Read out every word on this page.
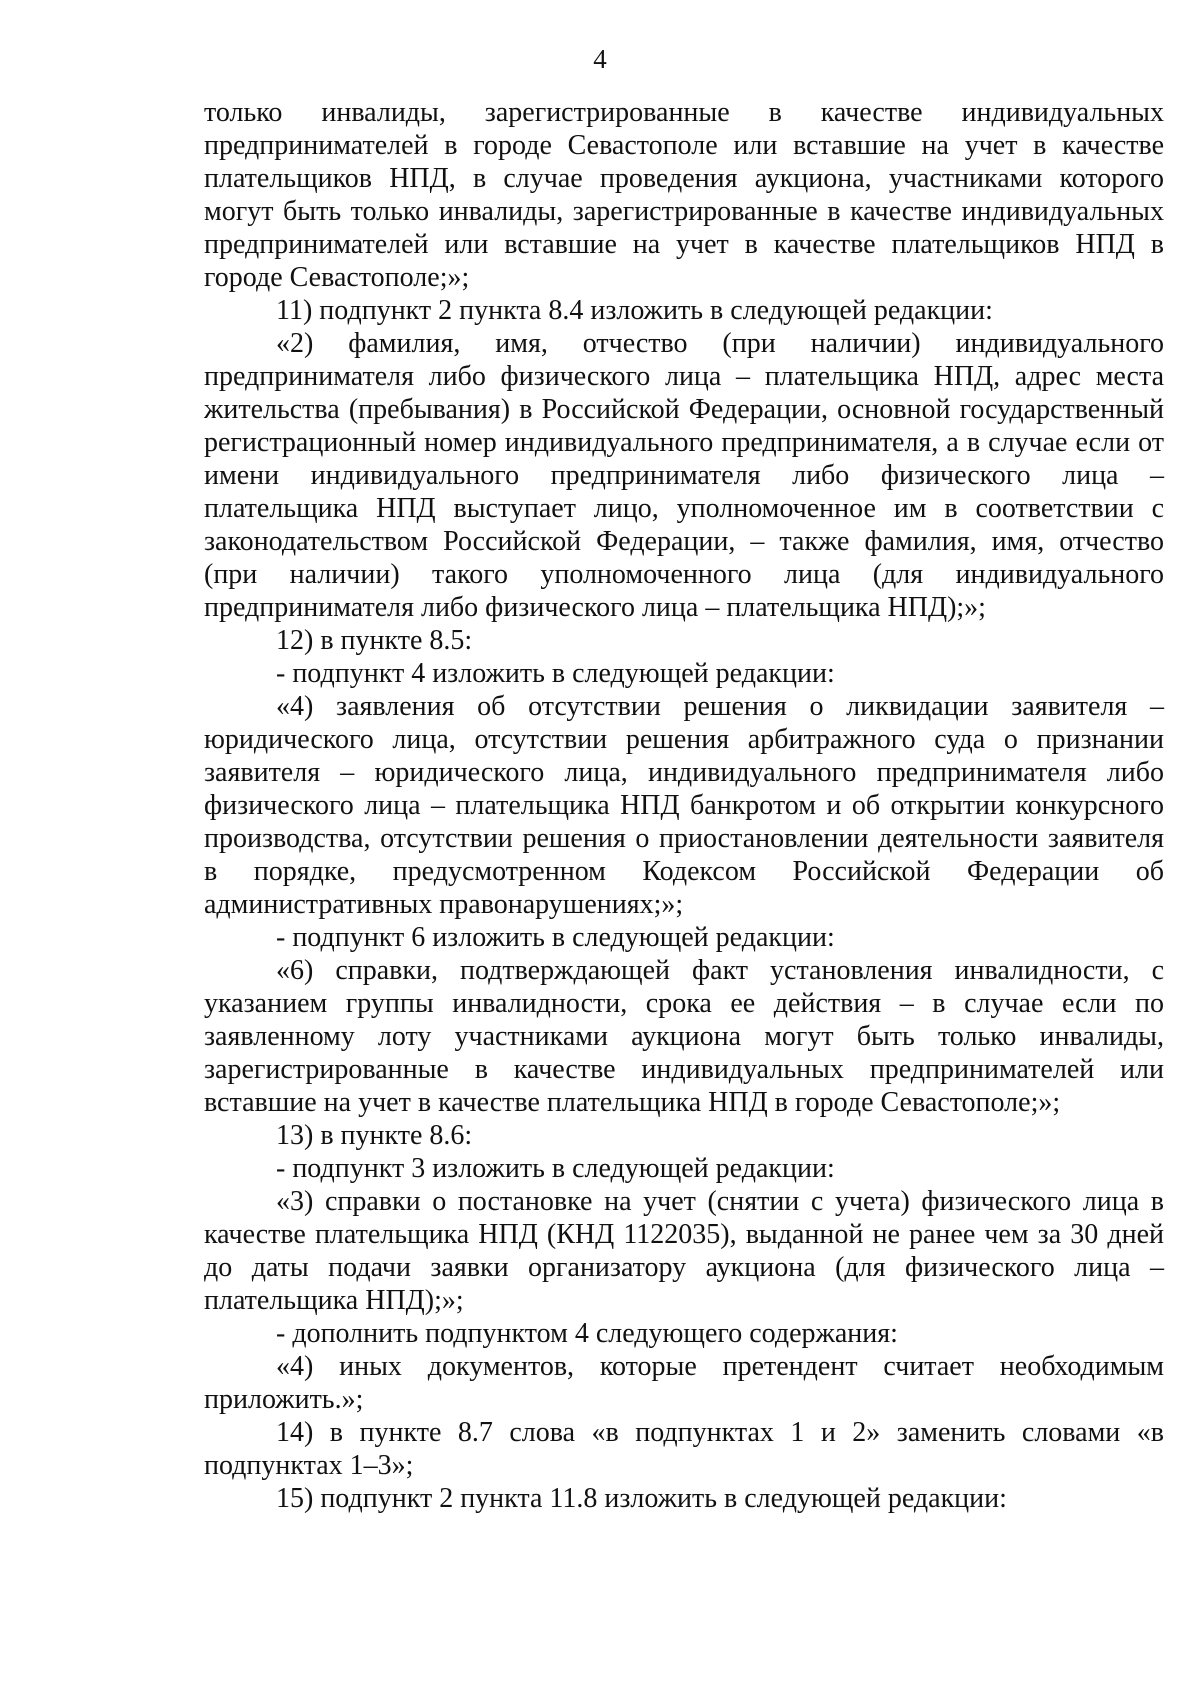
4

только инвалиды, зарегистрированные в качестве индивидуальных предпринимателей в городе Севастополе или вставшие на учет в качестве плательщиков НПД, в случае проведения аукциона, участниками которого могут быть только инвалиды, зарегистрированные в качестве индивидуальных предпринимателей или вставшие на учет в качестве плательщиков НПД в городе Севастополе;»;

11) подпункт 2 пункта 8.4 изложить в следующей редакции:

«2) фамилия, имя, отчество (при наличии) индивидуального предпринимателя либо физического лица – плательщика НПД, адрес места жительства (пребывания) в Российской Федерации, основной государственный регистрационный номер индивидуального предпринимателя, а в случае если от имени индивидуального предпринимателя либо физического лица – плательщика НПД выступает лицо, уполномоченное им в соответствии с законодательством Российской Федерации, – также фамилия, имя, отчество (при наличии) такого уполномоченного лица (для индивидуального предпринимателя либо физического лица – плательщика НПД);»;

12) в пункте 8.5:

- подпункт 4 изложить в следующей редакции:

«4) заявления об отсутствии решения о ликвидации заявителя – юридического лица, отсутствии решения арбитражного суда о признании заявителя – юридического лица, индивидуального предпринимателя либо физического лица – плательщика НПД банкротом и об открытии конкурсного производства, отсутствии решения о приостановлении деятельности заявителя в порядке, предусмотренном Кодексом Российской Федерации об административных правонарушениях;»;

- подпункт 6 изложить в следующей редакции:

«6) справки, подтверждающей факт установления инвалидности, с указанием группы инвалидности, срока ее действия – в случае если по заявленному лоту участниками аукциона могут быть только инвалиды, зарегистрированные в качестве индивидуальных предпринимателей или вставшие на учет в качестве плательщика НПД в городе Севастополе;»;

13) в пункте 8.6:

- подпункт 3 изложить в следующей редакции:

«3) справки о постановке на учет (снятии с учета) физического лица в качестве плательщика НПД (КНД 1122035), выданной не ранее чем за 30 дней до даты подачи заявки организатору аукциона (для физического лица – плательщика НПД);»;

- дополнить подпунктом 4 следующего содержания:

«4) иных документов, которые претендент считает необходимым приложить.»;

14) в пункте 8.7 слова «в подпунктах 1 и 2» заменить словами «в подпунктах 1–3»;

15) подпункт 2 пункта 11.8 изложить в следующей редакции:
